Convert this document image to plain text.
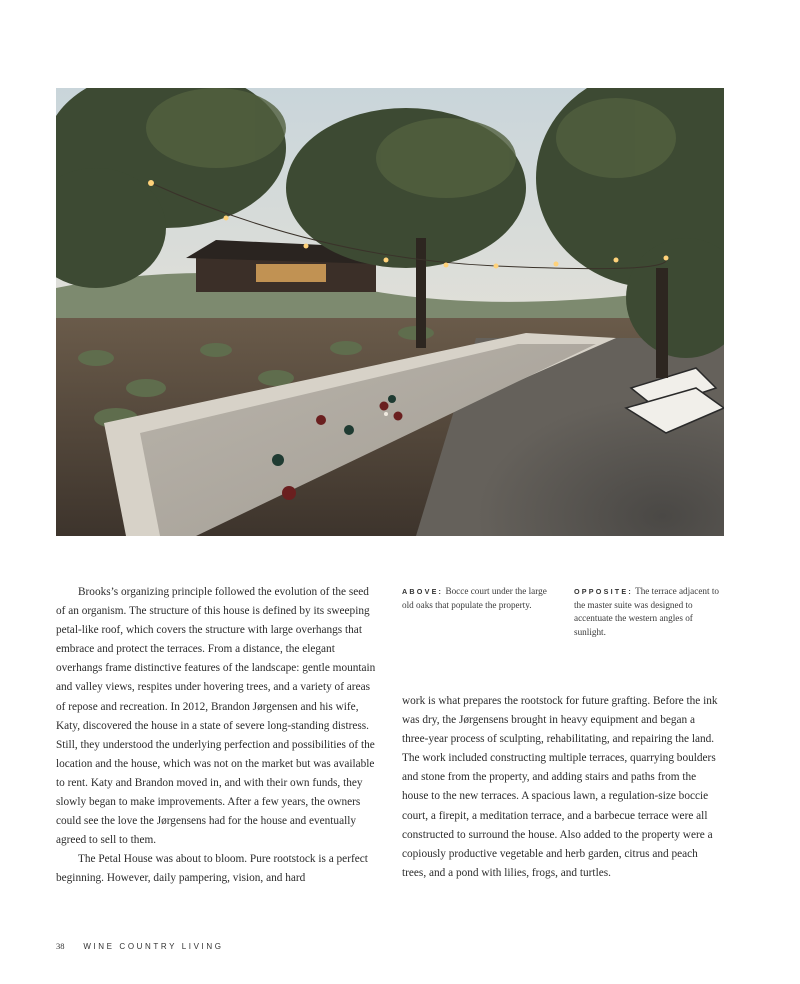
Brooks’s organizing principle followed the evolution of the seed of an organism. The structure of this house is defined by its sweeping petal-like roof, which covers the structure with large overhangs that embrace and protect the terraces. From a distance, the elegant overhangs frame distinctive features of the landscape: gentle mountain and valley views, respites under hovering trees, and a variety of areas of repose and recreation. In 2012, Brandon Jørgensen and his wife, Katy, discovered the house in a state of severe long-standing distress. Still, they understood the underlying perfection and possibilities of the location and the house, which was not on the market but was available to rent. Katy and Brandon moved in, and with their own funds, they slowly began to make improvements. After a few years, the owners could see the love the Jørgensens had for the house and eventually agreed to sell to them.

The Petal House was about to bloom. Pure rootstock is a perfect beginning. However, daily pampering, vision, and hard

ABOVE: Bocce court under the large old oaks that populate the property.
OPPOSITE: The terrace adjacent to the master suite was designed to accentuate the western angles of sunlight.

work is what prepares the rootstock for future grafting. Before the ink was dry, the Jørgensens brought in heavy equipment and began a three-year process of sculpting, rehabilitating, and repairing the land. The work included constructing multiple terraces, quarrying boulders and stone from the property, and adding stairs and paths from the house to the new terraces. A spacious lawn, a regulation-size boccie court, a firepit, a meditation terrace, and a barbecue terrace were all constructed to surround the house. Also added to the property were a copiously productive vegetable and herb garden, citrus and peach trees, and a pond with lilies, frogs, and turtles.

38 WINE COUNTRY LIVING
